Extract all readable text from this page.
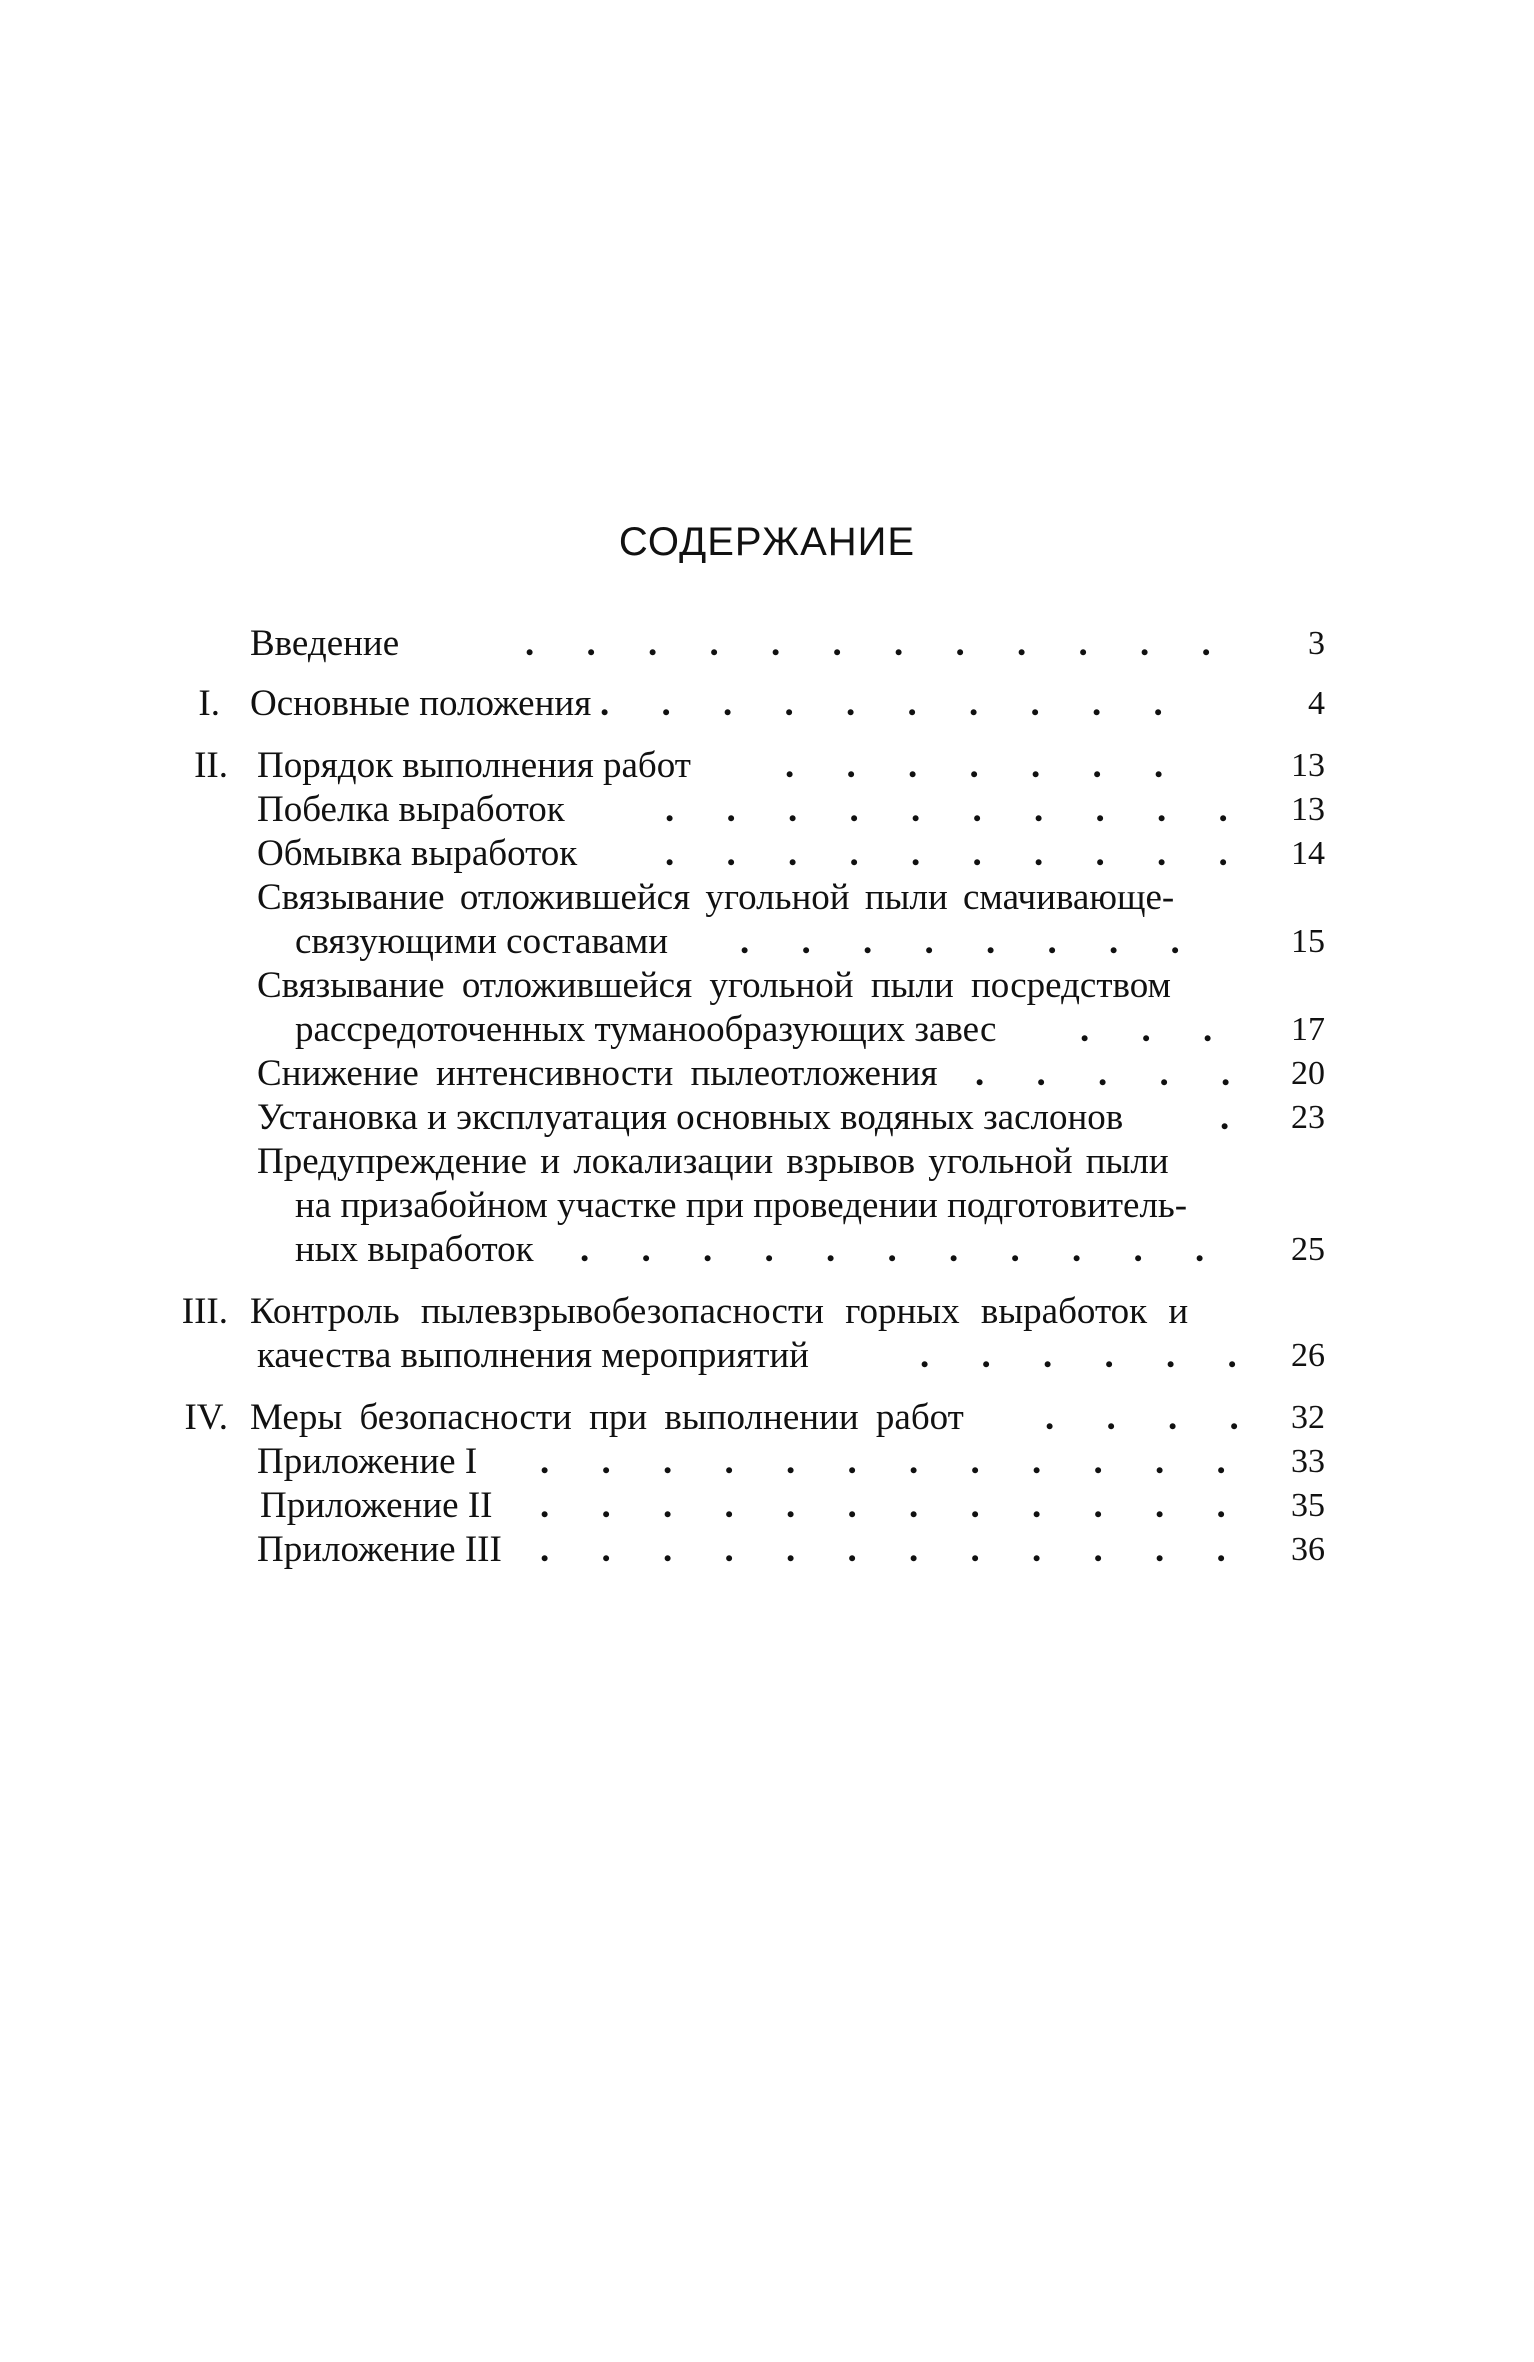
СОДЕРЖАНИЕ
Введение	. . . . . . . . . . . .	3
I. Основные положения . . . . . . . . . .	4
II. Порядок выполнения работ	. . . . . . .	13
Побелка выработок	. . . . . . . . . .	13
Обмывка выработок . . . . . . . . . .	14
Связывание отложившейся угольной пыли смачивающе-
связующими составами . . . . . . . .	15
Связывание отложившейся угольной пыли посредством
рассредоточенных туманообразующих завес . . .	17
Снижение интенсивности пылеотложения . . . . .	20
Установка и эксплуатация основных водяных заслонов	.	23
Предупреждение и локализации взрывов угольной пыли
на призабойном участке при проведении подготовитель-
ных выработок . . . . . . . . . . .	25
III. Контроль пылевзрывобезопасности горных выработок и
качества выполнения мероприятий	. . . . . . 26
IV. Меры безопасности при выполнении работ . . . . 32
Приложение I . . . . . . . . . . . .	33
Приложение II . . . . . . . . . . . .	35
Приложение III . . . . . . . . . . . .	36
